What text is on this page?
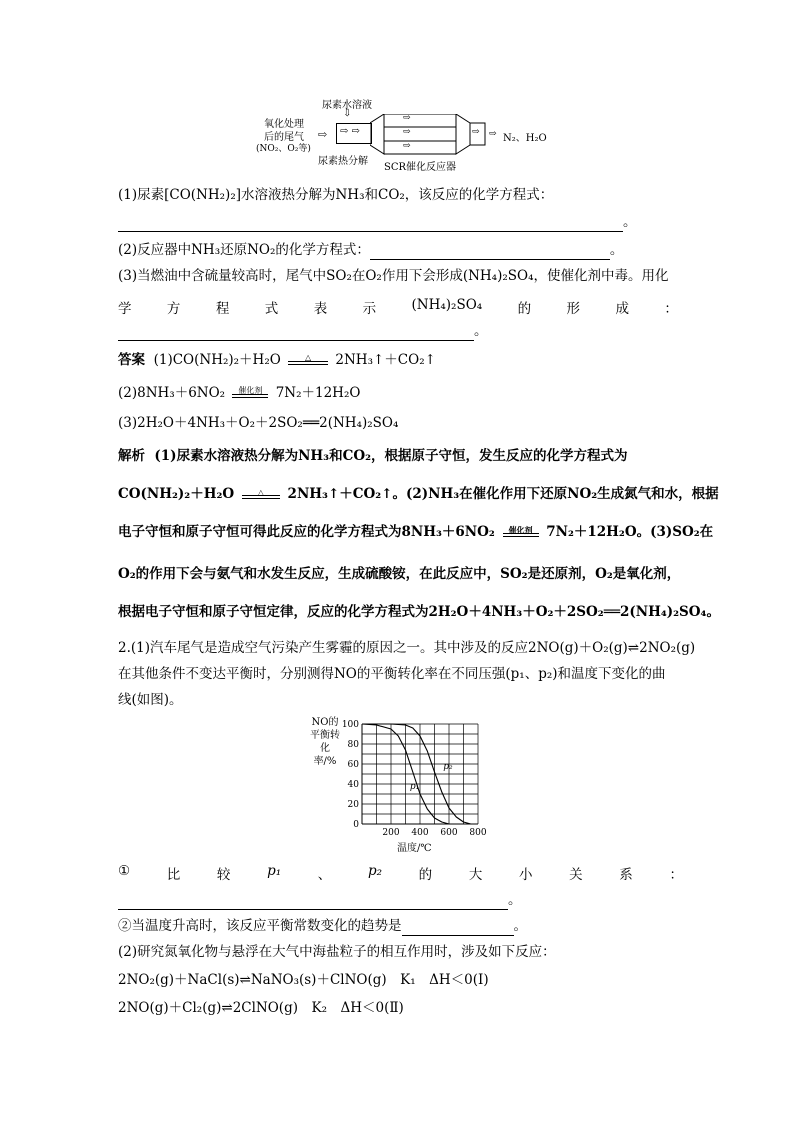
尿素水溶液
⇩
氧化处理
后的尾气
(NO₂、O₂等)
⇨ ⇨ ⇨
尿素热分解
⇨
⇨
⇨
⇨ ⇨ N₂、H₂O
SCR催化反应器
(1)尿素[CO(NH₂)₂]水溶液热分解为NH₃和CO₂，该反应的化学方程式：
。
(2)反应器中NH₃还原NO₂的化学方程式：	。
(3)当燃油中含硫量较高时，尾气中SO₂在O₂作用下会形成(NH₄)₂SO₄，使催化剂中毒。用化
学	方	程	式	表	示	(NH₄)₂SO₄	的	形	成	：
。
答案 (1)CO(NH₂)₂＋H₂O	△	2NH₃↑＋CO₂↑
(2)8NH₃＋6NO₂	催化剂 7N₂＋12H₂O
(3)2H₂O＋4NH₃＋O₂＋2SO₂══2(NH₄)₂SO₄
解析 (1)尿素水溶液热分解为NH₃和CO₂，根据原子守恒，发生反应的化学方程式为
CO(NH₂)₂＋H₂O	△	2NH₃↑＋CO₂↑。(2)NH₃在催化作用下还原NO₂生成氮气和水，根据
电子守恒和原子守恒可得此反应的化学方程式为8NH₃＋6NO₂	催化剂	7N₂＋12H₂O。(3)SO₂在
O₂的作用下会与氨气和水发生反应，生成硫酸铵，在此反应中，SO₂是还原剂，O₂是氧化剂，
根据电子守恒和原子守恒定律，反应的化学方程式为2H₂O＋4NH₃＋O₂＋2SO₂══2(NH₄)₂SO₄。
2.(1)汽车尾气是造成空气污染产生雾霾的原因之一。其中涉及的反应2NO(g)＋O₂(g)⇌2NO₂(g)
在其他条件不变达平衡时，分别测得NO的平衡转化率在不同压强(p₁、p₂)和温度下变化的曲
线(如图)。
NO的平衡转化率/%
0
20
40
60
80
100
200 400 600 800
p₁
p₂
温度/℃
①	比	较	p₁	、	p₂	的	大	小	关	系	：
。
②当温度升高时，该反应平衡常数变化的趋势是	。
(2)研究氮氧化物与悬浮在大气中海盐粒子的相互作用时，涉及如下反应：
2NO₂(g)＋NaCl(s)⇌NaNO₃(s)＋ClNO(g)　K₁　ΔH＜0(Ⅰ)
2NO(g)＋Cl₂(g)⇌2ClNO(g)　K₂　ΔH＜0(Ⅱ)
